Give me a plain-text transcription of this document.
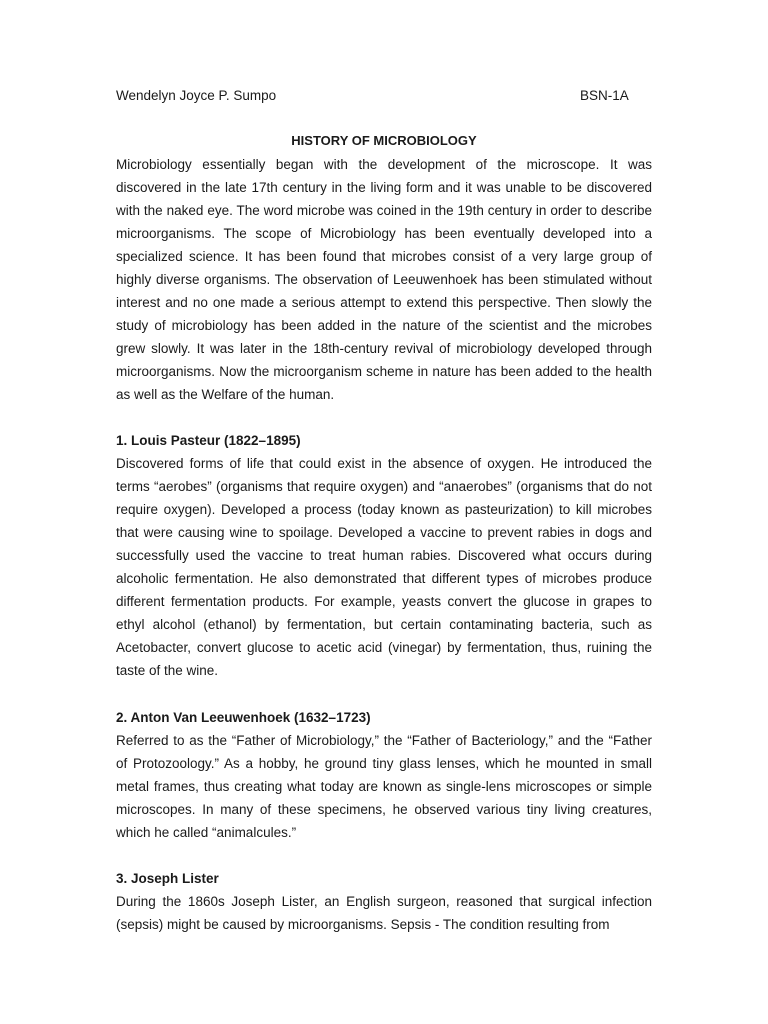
Wendelyn Joyce P. Sumpo	BSN-1A
HISTORY OF MICROBIOLOGY

Microbiology essentially began with the development of the microscope. It was discovered in the late 17th century in the living form and it was unable to be discovered with the naked eye. The word microbe was coined in the 19th century in order to describe microorganisms. The scope of Microbiology has been eventually developed into a specialized science. It has been found that microbes consist of a very large group of highly diverse organisms. The observation of Leeuwenhoek has been stimulated without interest and no one made a serious attempt to extend this perspective. Then slowly the study of microbiology has been added in the nature of the scientist and the microbes grew slowly. It was later in the 18th-century revival of microbiology developed through microorganisms. Now the microorganism scheme in nature has been added to the health as well as the Welfare of the human.

1. Louis Pasteur (1822–1895)

Discovered forms of life that could exist in the absence of oxygen. He introduced the terms “aerobes” (organisms that require oxygen) and “anaerobes” (organisms that do not require oxygen). Developed a process (today known as pasteurization) to kill microbes that were causing wine to spoilage. Developed a vaccine to prevent rabies in dogs and successfully used the vaccine to treat human rabies. Discovered what occurs during alcoholic fermentation. He also demonstrated that different types of microbes produce different fermentation products. For example, yeasts convert the glucose in grapes to ethyl alcohol (ethanol) by fermentation, but certain contaminating bacteria, such as Acetobacter, convert glucose to acetic acid (vinegar) by fermentation, thus, ruining the taste of the wine.

2. Anton Van Leeuwenhoek (1632–1723)

Referred to as the “Father of Microbiology,” the “Father of Bacteriology,” and the “Father of Protozoology.” As a hobby, he ground tiny glass lenses, which he mounted in small metal frames, thus creating what today are known as single-lens microscopes or simple microscopes. In many of these specimens, he observed various tiny living creatures, which he called “animalcules.”

3. Joseph Lister

During the 1860s Joseph Lister, an English surgeon, reasoned that surgical infection (sepsis) might be caused by microorganisms. Sepsis - The condition resulting from
